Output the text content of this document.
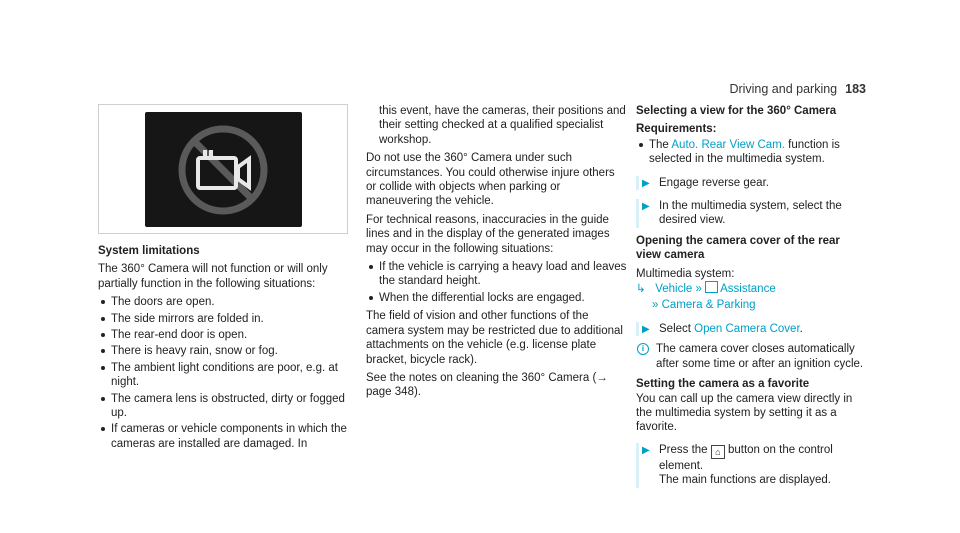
Driving and parking 183
System limitations

The 360° Camera will not function or will only partially function in the following situations:

The doors are open.
The side mirrors are folded in.
The rear-end door is open.
There is heavy rain, snow or fog.
The ambient light conditions are poor, e.g. at night.
The camera lens is obstructed, dirty or fogged up.
If cameras or vehicle components in which the cameras are installed are damaged. In

this event, have the cameras, their positions and their setting checked at a qualified specialist workshop.

Do not use the 360° Camera under such circumstances. You could otherwise injure others or collide with objects when parking or maneuvering the vehicle.

For technical reasons, inaccuracies in the guide lines and in the display of the generated images may occur in the following situations:

If the vehicle is carrying a heavy load and leaves the standard height.
When the differential locks are engaged.

The field of vision and other functions of the camera system may be restricted due to additional attachments on the vehicle (e.g. license plate bracket, bicycle rack).

See the notes on cleaning the 360° Camera (→ page 348).

Selecting a view for the 360° Camera
Requirements:
The Auto. Rear View Cam. function is selected in the multimedia system.
▶ Engage reverse gear.
▶ In the multimedia system, select the desired view.
Opening the camera cover of the rear view camera
Multimedia system:
↳ Vehicle » Assistance
» Camera & Parking
▶ Select Open Camera Cover.
i	The camera cover closes automatically after some time or after an ignition cycle.
Setting the camera as a favorite

You can call up the camera view directly in the multimedia system by setting it as a favorite.

▶ Press the ⌂ button on the control element.
The main functions are displayed.
